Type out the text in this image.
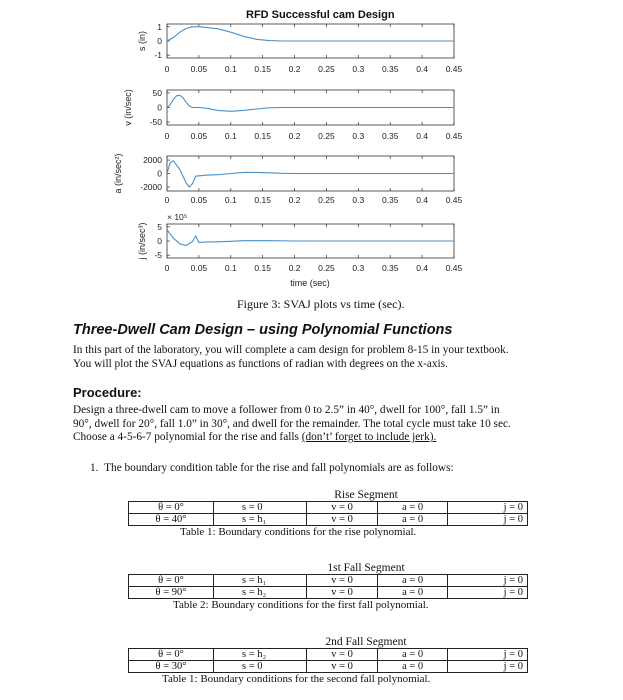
RFD Successful cam Design
0 0.05 0.1 0.15 0.2 0.25 0.3 0.35 0.4 0.45
1
0
-1
s (in)
0 0.05 0.1 0.15 0.2 0.25 0.3 0.35 0.4 0.45
50
0
-50
v (in/sec)
0 0.05 0.1 0.15 0.2 0.25 0.3 0.35 0.4 0.45
2000
0
-2000
a (in/sec²)
0 0.05 0.1 0.15 0.2 0.25 0.3 0.35 0.4 0.45
5
0
-5
j (in/sec³)
× 10⁵
time (sec)
Figure 3: SVAJ plots vs time (sec).
Three-Dwell Cam Design – using Polynomial Functions
In this part of the laboratory, you will complete a cam design for problem 8-15 in your textbook.
You will plot the SVAJ equations as functions of radian with degrees on the x-axis.
Procedure:
Design a three-dwell cam to move a follower from 0 to 2.5” in 40°, dwell for 100°, fall 1.5” in
90°, dwell for 20°, fall 1.0” in 30°, and dwell for the remainder. The total cycle must take 10 sec.
Choose a 4-5-6-7 polynomial for the rise and falls (don’t’ forget to include jerk).
1. The boundary condition table for the rise and fall polynomials are as follows:
Rise Segment
θ = 0°	s = 0	v = 0	a = 0	j = 0
θ = 40°	s = h₁	v = 0	a = 0	j = 0
Table 1: Boundary conditions for the rise polynomial.
1st Fall Segment
θ = 0°	s = h₁	v = 0	a = 0	j = 0
θ = 90°	s = h₂	v = 0	a = 0	j = 0
Table 2: Boundary conditions for the first fall polynomial.
2nd Fall Segment
θ = 0°	s = h₂	v = 0	a = 0	j = 0
θ = 30°	s = 0	v = 0	a = 0	j = 0
Table 1: Boundary conditions for the second fall polynomial.
